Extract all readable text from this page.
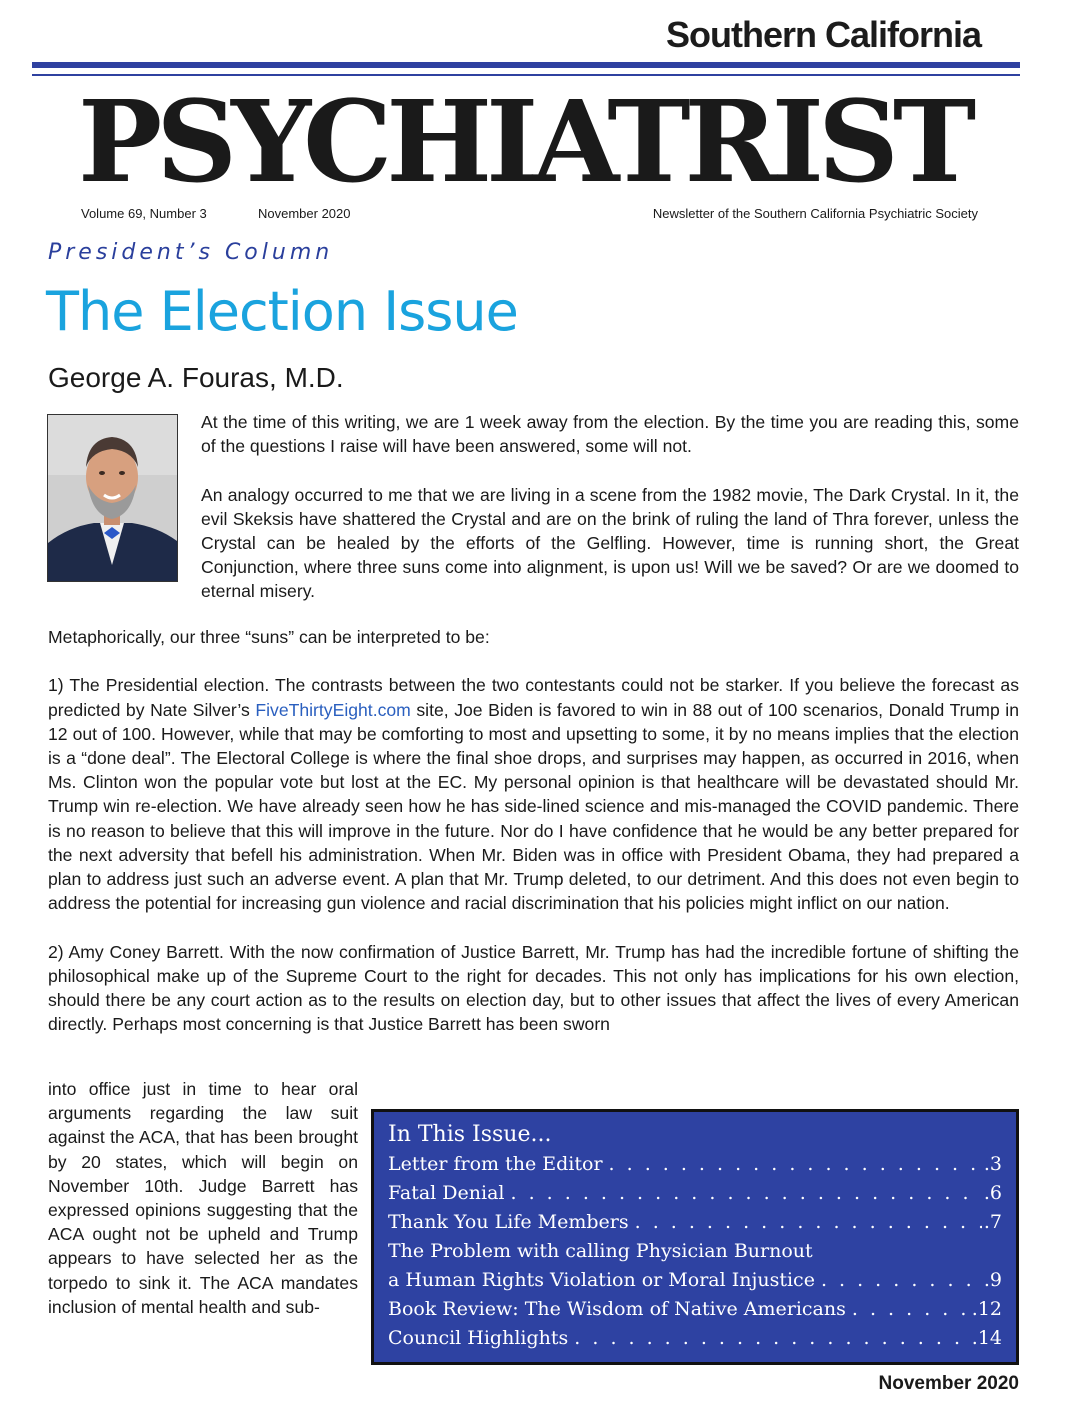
Southern California
PSYCHIATRIST
Volume 69, Number 3	November 2020	Newsletter of the Southern California Psychiatric Society
President’s Column
The Election Issue
George A. Fouras, M.D.

At the time of this writing, we are 1 week away from the election. By the time you are reading this, some of the questions I raise will have been answered, some will not.

An analogy occurred to me that we are living in a scene from the 1982 movie, The Dark Crystal. In it, the evil Skeksis have shattered the Crystal and are on the brink of ruling the land of Thra forever, unless the Crystal can be healed by the efforts of the Gelfling. However, time is running short, the Great Conjunction, where three suns come into alignment, is upon us! Will we be saved? Or are we doomed to eternal misery.

Metaphorically, our three “suns” can be interpreted to be:

1) The Presidential election. The contrasts between the two contestants could not be starker. If you believe the forecast as predicted by Nate Silver’s FiveThirtyEight.com site, Joe Biden is favored to win in 88 out of 100 scenarios, Donald Trump in 12 out of 100. However, while that may be comforting to most and upsetting to some, it by no means implies that the election is a “done deal”. The Electoral College is where the final shoe drops, and surprises may happen, as occurred in 2016, when Ms. Clinton won the popular vote but lost at the EC. My personal opinion is that healthcare will be devastated should Mr. Trump win re-election. We have already seen how he has side-lined science and mis-managed the COVID pandemic. There is no reason to believe that this will improve in the future. Nor do I have confidence that he would be any better prepared for the next adversity that befell his administration. When Mr. Biden was in office with President Obama, they had prepared a plan to address just such an adverse event. A plan that Mr. Trump deleted, to our detriment. And this does not even begin to address the potential for increasing gun violence and racial discrimination that his policies might inflict on our nation.

2) Amy Coney Barrett. With the now confirmation of Justice Barrett, Mr. Trump has had the incredible fortune of shifting the philosophical make up of the Supreme Court to the right for decades. This not only has implications for his own election, should there be any court action as to the results on election day, but to other issues that affect the lives of every American directly. Perhaps most concerning is that Justice Barrett has been sworn

into office just in time to hear oral arguments regarding the law suit against the ACA, that has been brought by 20 states, which will begin on November 10th. Judge Barrett has expressed opinions suggesting that the ACA ought not be upheld and Trump appears to have selected her as the torpedo to sink it. The ACA mandates inclusion of mental health and sub-

In This Issue...
Letter from the Editor . . .	.3
Fatal Denial . . .	.6
Thank You Life Members . . .	.7
The Problem with calling Physician Burnout
a Human Rights Violation or Moral Injustice . . .	.9
Book Review: The Wisdom of Native Americans . . .	.12
Council Highlights . . .	.14
November 2020
